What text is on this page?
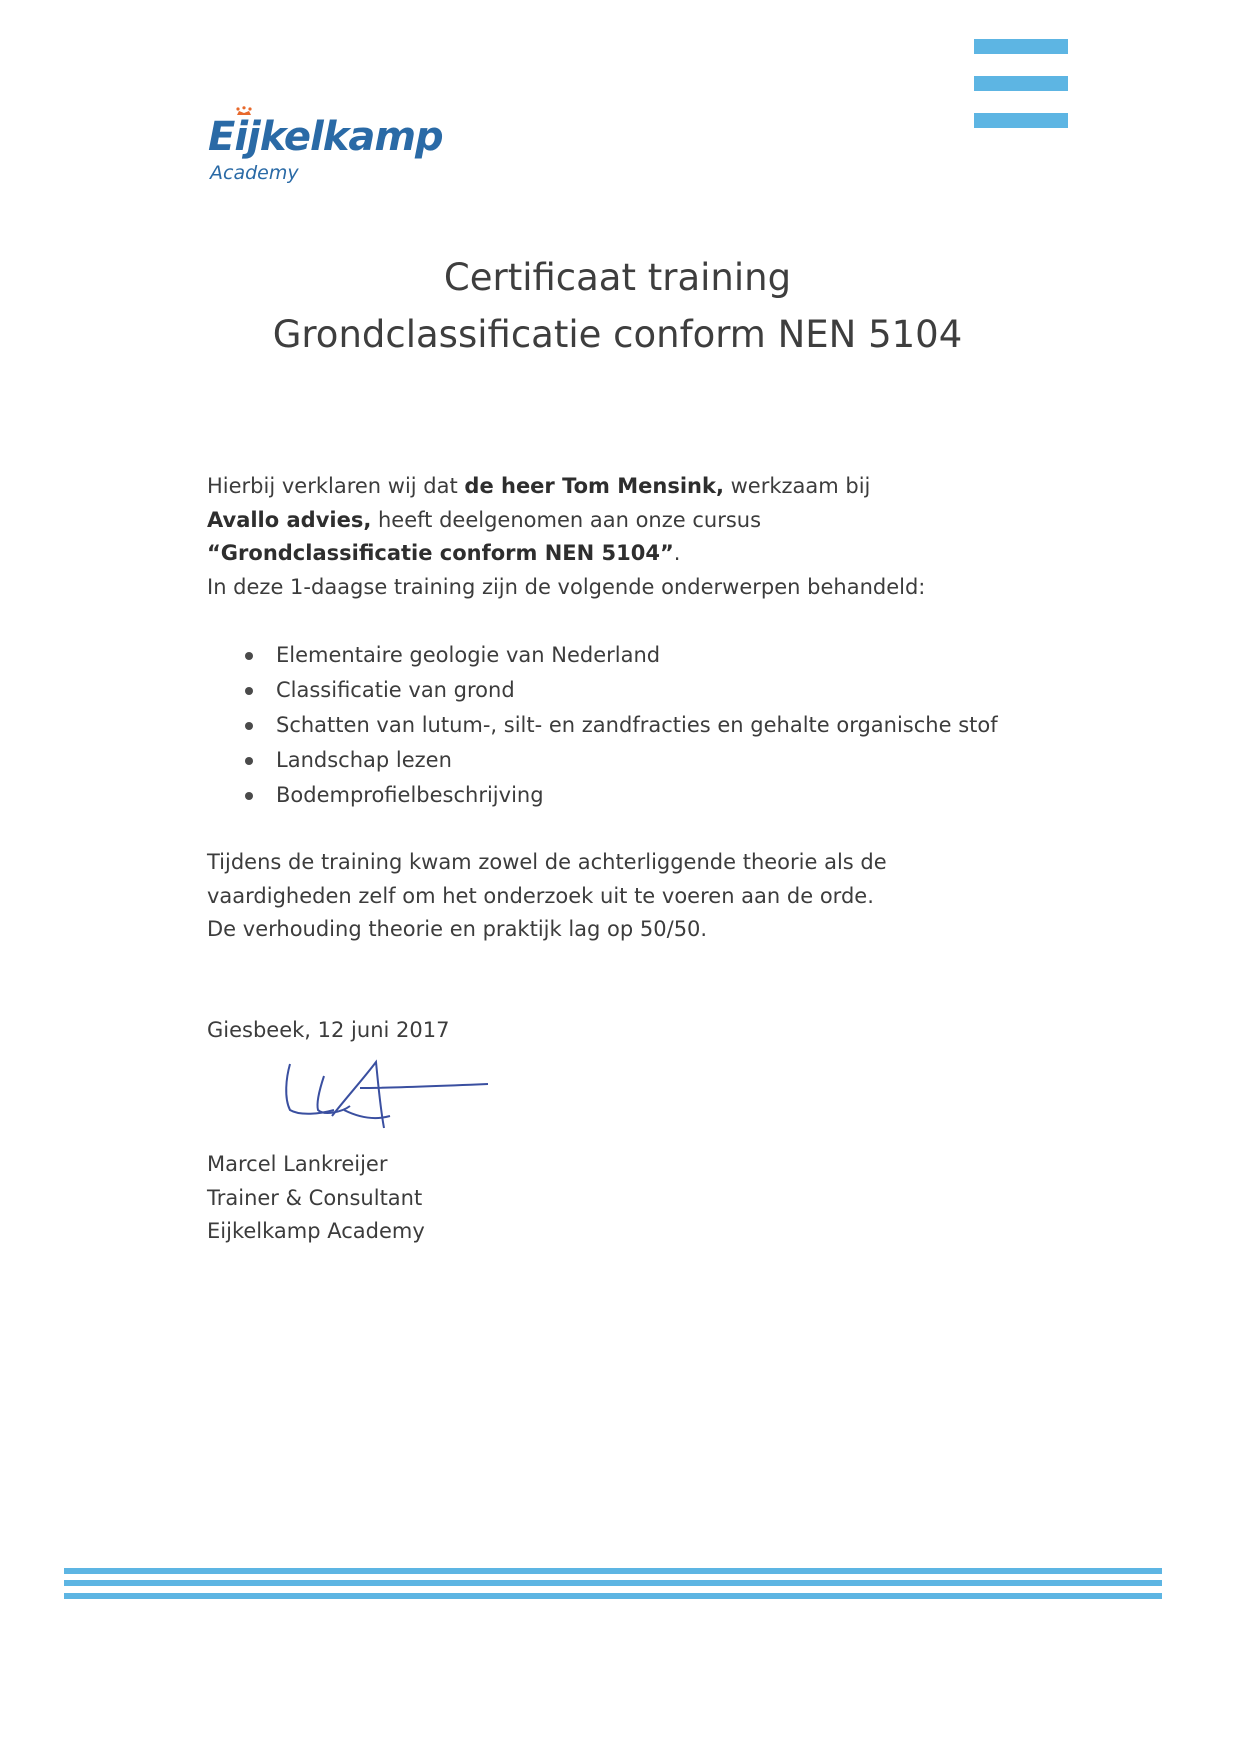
Eijkelkamp
Academy
Certificaat training
Grondclassificatie conform NEN 5104
Hierbij verklaren wij dat de heer Tom Mensink, werkzaam bij
Avallo advies, heeft deelgenomen aan onze cursus
“Grondclassificatie conform NEN 5104”.
In deze 1-daagse training zijn de volgende onderwerpen behandeld:
Elementaire geologie van Nederland
Classificatie van grond
Schatten van lutum-, silt- en zandfracties en gehalte organische stof
Landschap lezen
Bodemprofielbeschrijving
Tijdens de training kwam zowel de achterliggende theorie als de
vaardigheden zelf om het onderzoek uit te voeren aan de orde.
De verhouding theorie en praktijk lag op 50/50.
Giesbeek, 12 juni 2017
Marcel Lankreijer
Trainer & Consultant
Eijkelkamp Academy
